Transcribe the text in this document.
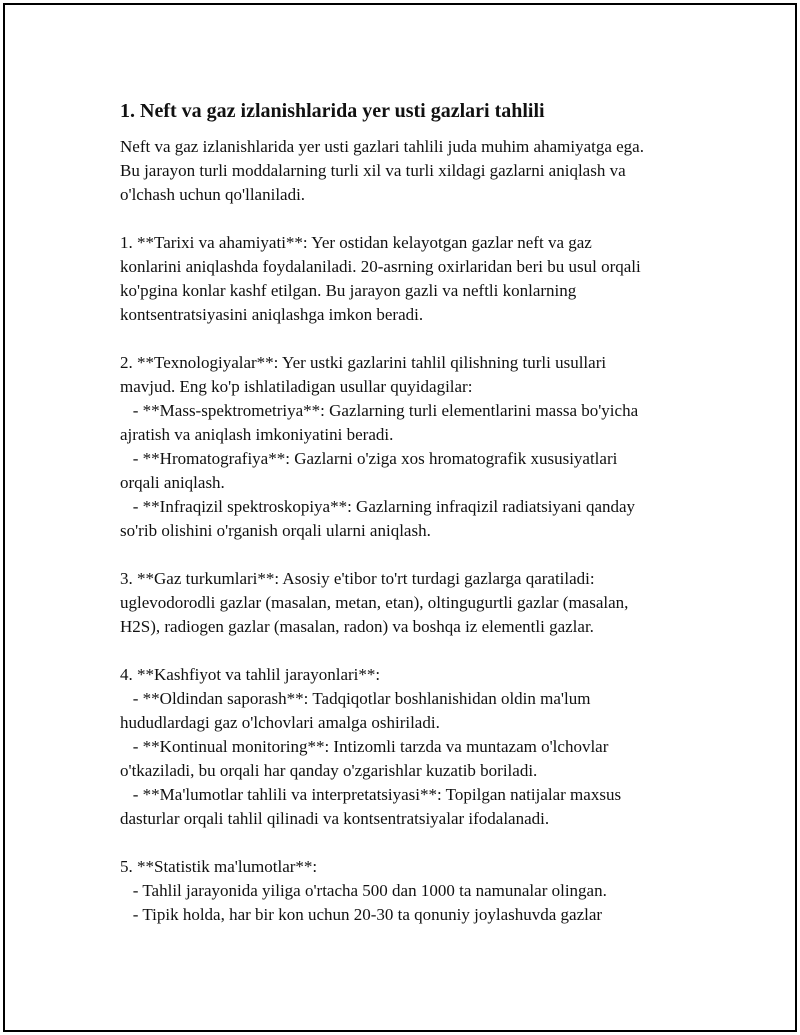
1. Neft va gaz izlanishlarida yer usti gazlari tahlili

Neft va gaz izlanishlarida yer usti gazlari tahlili juda muhim ahamiyatga ega.
Bu jarayon turli moddalarning turli xil va turli xildagi gazlarni aniqlash va
o'lchash uchun qo'llaniladi.

1. **Tarixi va ahamiyati**: Yer ostidan kelayotgan gazlar neft va gaz
konlarini aniqlashda foydalaniladi. 20-asrning oxirlaridan beri bu usul orqali
ko'pgina konlar kashf etilgan. Bu jarayon gazli va neftli konlarning
kontsentratsiyasini aniqlashga imkon beradi.

2. **Texnologiyalar**: Yer ustki gazlarini tahlil qilishning turli usullari
mavjud. Eng ko'p ishlatiladigan usullar quyidagilar:
- **Mass-spektrometriya**: Gazlarning turli elementlarini massa bo'yicha
ajratish va aniqlash imkoniyatini beradi.
- **Hromatografiya**: Gazlarni o'ziga xos hromatografik xususiyatlari
orqali aniqlash.
- **Infraqizil spektroskopiya**: Gazlarning infraqizil radiatsiyani qanday
so'rib olishini o'rganish orqali ularni aniqlash.

3. **Gaz turkumlari**: Asosiy e'tibor to'rt turdagi gazlarga qaratiladi:
uglevodorodli gazlar (masalan, metan, etan), oltingugurtli gazlar (masalan,
H2S), radiogen gazlar (masalan, radon) va boshqa iz elementli gazlar.

4. **Kashfiyot va tahlil jarayonlari**:
- **Oldindan saporash**: Tadqiqotlar boshlanishidan oldin ma'lum
hududlardagi gaz o'lchovlari amalga oshiriladi.
- **Kontinual monitoring**: Intizomli tarzda va muntazam o'lchovlar
o'tkaziladi, bu orqali har qanday o'zgarishlar kuzatib boriladi.
- **Ma'lumotlar tahlili va interpretatsiyasi**: Topilgan natijalar maxsus
dasturlar orqali tahlil qilinadi va kontsentratsiyalar ifodalanadi.

5. **Statistik ma'lumotlar**:
- Tahlil jarayonida yiliga o'rtacha 500 dan 1000 ta namunalar olingan.
- Tipik holda, har bir kon uchun 20-30 ta qonuniy joylashuvda gazlar
